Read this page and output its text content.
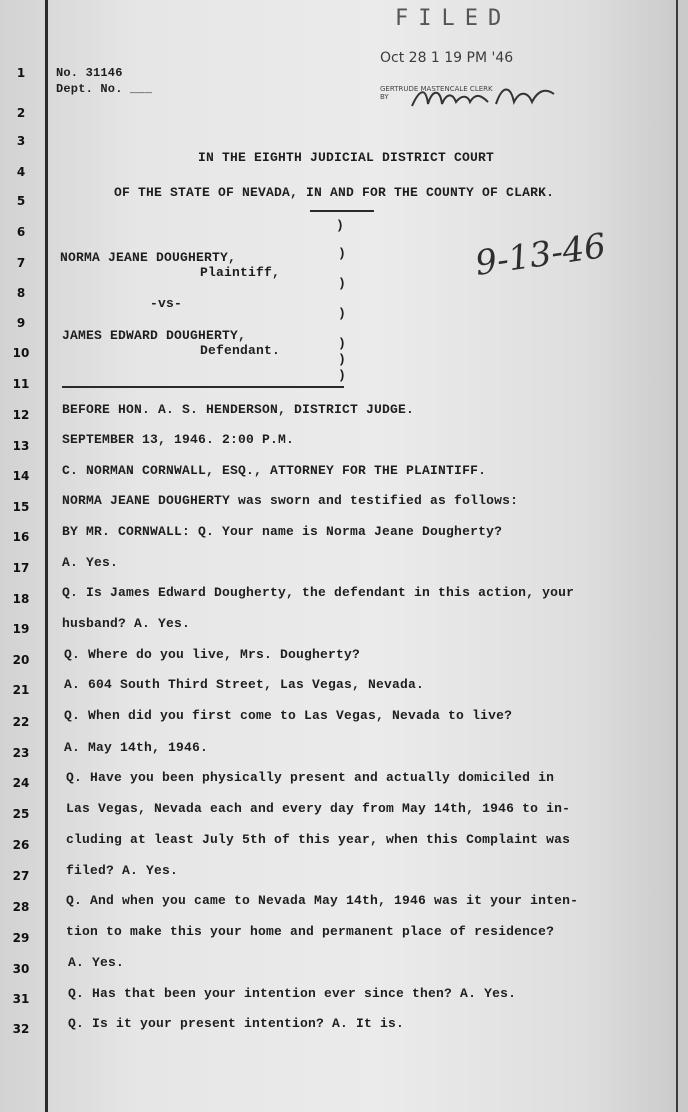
FILED
Oct 28 1 19 PM '46
GERTRUDE MASTENCALE CLERK
BY
No. 31146
Dept. No. ___
IN THE EIGHTH JUDICIAL DISTRICT COURT
OF THE STATE OF NEVADA, IN AND FOR THE COUNTY OF CLARK.
NORMA JEANE DOUGHERTY,
Plaintiff,
-vs-
JAMES EDWARD DOUGHERTY,
Defendant.
)
)
)
)
)
)
)
9-13-46
1
2
3
4
5
6
7
8
9
10
11
12
13
14
15
16
17
18
19
20
21
22
23
24
25
26
27
28
29
30
31
32
BEFORE HON. A. S. HENDERSON, DISTRICT JUDGE.
SEPTEMBER 13, 1946. 2:00 P.M.
C. NORMAN CORNWALL, ESQ., ATTORNEY FOR THE PLAINTIFF.
NORMA JEANE DOUGHERTY was sworn and testified as follows:
BY MR. CORNWALL: Q. Your name is Norma Jeane Dougherty?
A. Yes.
Q. Is James Edward Dougherty, the defendant in this action, your
husband? A. Yes.
Q. Where do you live, Mrs. Dougherty?
A. 604 South Third Street, Las Vegas, Nevada.
Q. When did you first come to Las Vegas, Nevada to live?
A. May 14th, 1946.
Q. Have you been physically present and actually domiciled in
Las Vegas, Nevada each and every day from May 14th, 1946 to in-
cluding at least July 5th of this year, when this Complaint was
filed? A. Yes.
Q. And when you came to Nevada May 14th, 1946 was it your inten-
tion to make this your home and permanent place of residence?
A. Yes.
Q. Has that been your intention ever since then? A. Yes.
Q. Is it your present intention? A. It is.
